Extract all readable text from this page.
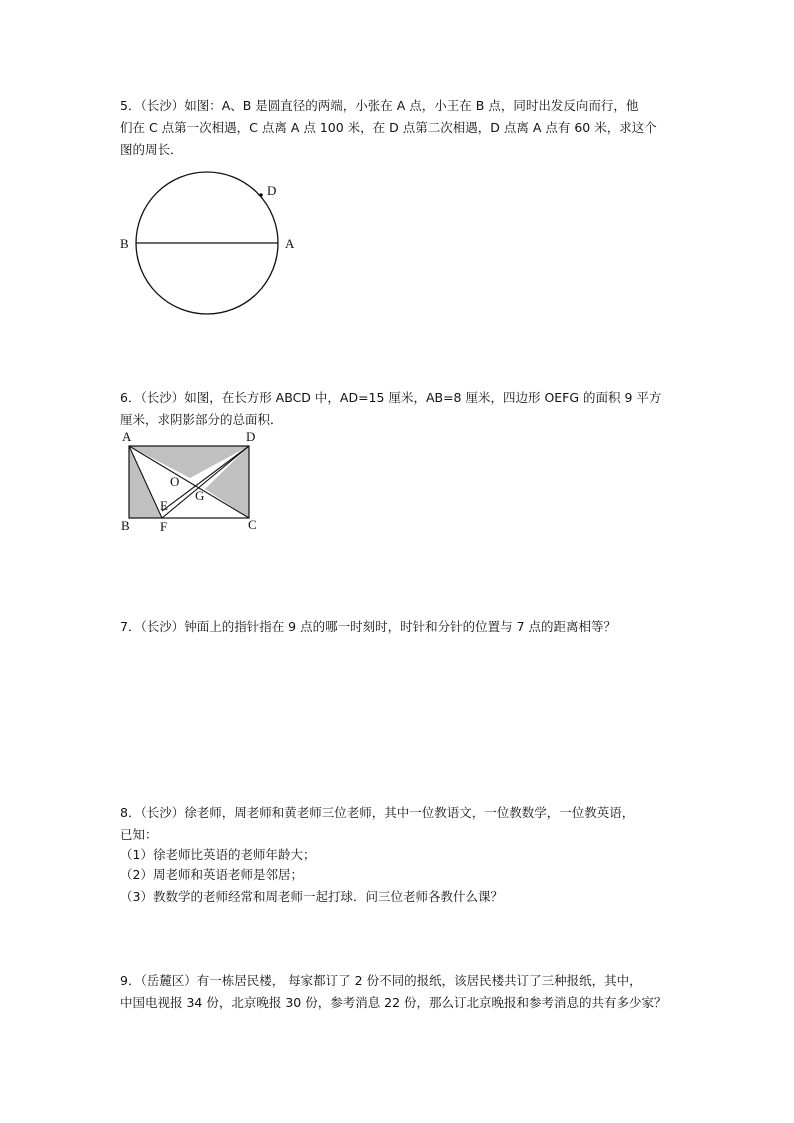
5．（长沙）如图：A、B 是圆直径的两端，小张在 A 点，小王在 B 点，同时出发反向而行，他
们在 C 点第一次相遇，C 点离 A 点 100 米，在 D 点第二次相遇，D 点离 A 点有 60 米，求这个
图的周长．
D
B	A
6．（长沙）如图，在长方形 ABCD 中，AD=15 厘米，AB=8 厘米，四边形 OEFG 的面积 9 平方
厘米，求阴影部分的总面积．
A	D
B	C
F
O
E
G
7．（长沙）钟面上的指针指在 9 点的哪一时刻时，时针和分针的位置与 7 点的距离相等？
8．（长沙）徐老师，周老师和黄老师三位老师，其中一位教语文，一位教数学，一位教英语，
已知：
（1）徐老师比英语的老师年龄大；
（2）周老师和英语老师是邻居；
（3）教数学的老师经常和周老师一起打球．问三位老师各教什么课？
9．（岳麓区）有一栋居民楼， 每家都订了 2 份不同的报纸，该居民楼共订了三种报纸，其中，
中国电视报 34 份，北京晚报 30 份，参考消息 22 份，那么订北京晚报和参考消息的共有多少家？
